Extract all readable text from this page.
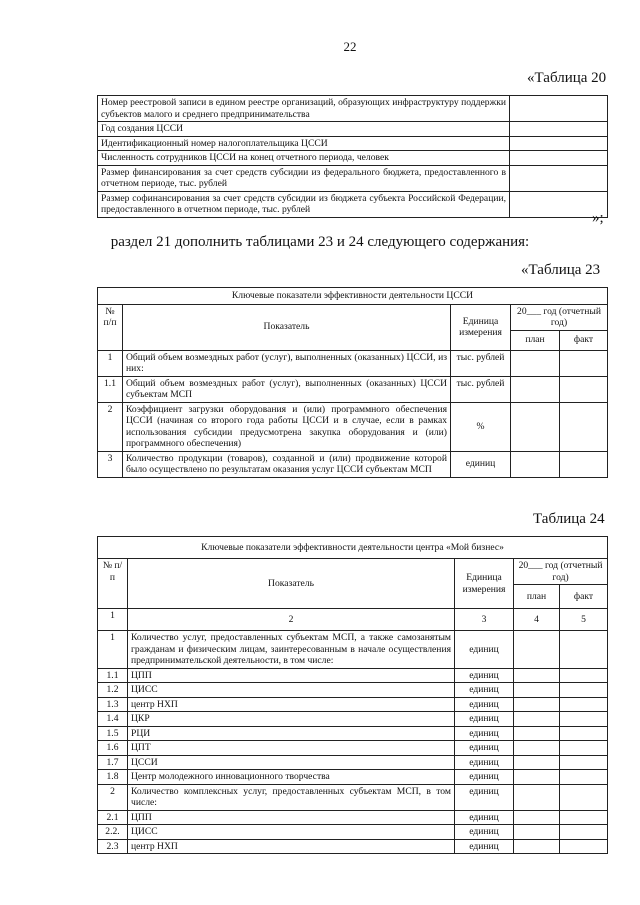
22
«Таблица 20
Номер реестровой записи в едином реестре организаций, образующих инфраструктуру поддержки субъектов малого и среднего предпринимательства	
Год создания ЦССИ	
Идентификационный номер налогоплательщика ЦССИ	
Численность сотрудников ЦССИ на конец отчетного периода, человек	
Размер финансирования за счет средств субсидии из федерального бюджета, предоставленного в отчетном периоде, тыс. рублей	
Размер софинансирования за счет средств субсидии из бюджета субъекта Российской Федерации, предоставленного в отчетном периоде, тыс. рублей	
»;
раздел 21 дополнить таблицами 23 и 24 следующего содержания:
«Таблица 23
Ключевые показатели эффективности деятельности ЦССИ				
№ п/п	Показатель	Единица измерения	20___ год (отчетный год)	
			план	факт
1	Общий объем возмездных работ (услуг), выполненных (оказанных) ЦССИ, из них:	тыс. рублей		
1.1	Общий объем возмездных работ (услуг), выполненных (оказанных) ЦССИ субъектам МСП	тыс. рублей		
2	Коэффициент загрузки оборудования и (или) программного обеспечения ЦССИ (начиная со второго года работы ЦССИ и в случае, если в рамках использования субсидии предусмотрена закупка оборудования и (или) программного обеспечения)	%		
3	Количество продукции (товаров), созданной и (или) продвижение которой было осуществлено по результатам оказания услуг ЦССИ субъектам МСП	единиц		
Таблица 24
Ключевые показатели эффективности деятельности центра «Мой бизнес»				
№ п/п	Показатель	Единица измерения	20___ год (отчетный год)	
			план	факт
1	2	3	4	5
1	Количество услуг, предоставленных субъектам МСП, а также самозанятым гражданам и физическим лицам, заинтересованным в начале осуществления предпринимательской деятельности, в том числе:	единиц		
1.1	ЦПП	единиц		
1.2	ЦИСС	единиц		
1.3	центр НХП	единиц		
1.4	ЦКР	единиц		
1.5	РЦИ	единиц		
1.6	ЦПТ	единиц		
1.7	ЦССИ	единиц		
1.8	Центр молодежного инновационного творчества	единиц		
2	Количество комплексных услуг, предоставленных субъектам МСП, в том числе:	единиц		
2.1	ЦПП	единиц		
2.2.	ЦИСС	единиц		
2.3	центр НХП	единиц		
